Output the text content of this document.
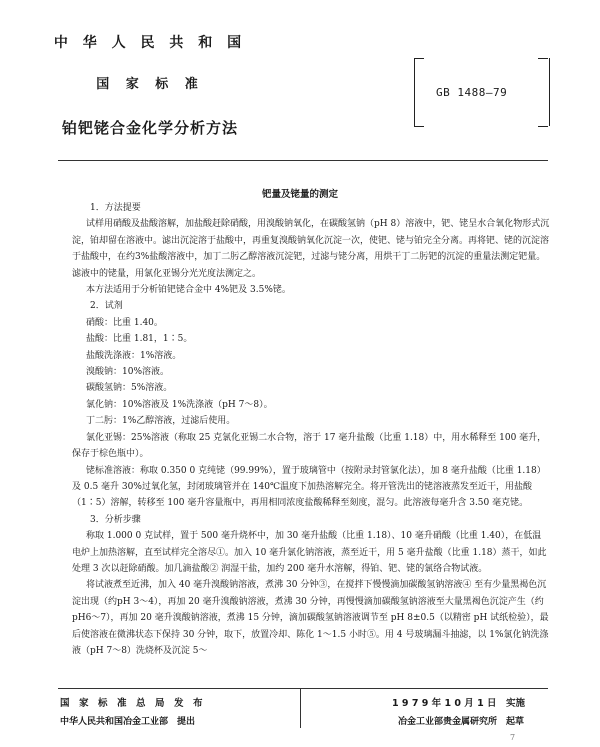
中 华 人 民 共 和 国
国 家 标 准
铂钯铑合金化学分析方法
GB 1488—79
钯量及铑量的测定

1．方法提要

试样用硝酸及盐酸溶解，加盐酸赶除硝酸，用溴酸钠氧化，在碳酸氢钠（pH 8）溶液中，钯、铑呈水合氧化物形式沉淀，铂却留在溶液中。滤出沉淀溶于盐酸中，再重复溴酸钠氧化沉淀一次，使钯、铑与铂完全分离。再将钯、铑的沉淀溶于盐酸中，在约3%盐酸溶液中，加丁二肟乙醇溶液沉淀钯，过滤与铑分离，用烘干丁二肟钯的沉淀的重量法测定钯量。滤液中的铑量，用氯化亚锡分光光度法测定之。

本方法适用于分析铂钯铑合金中 4%钯及 3.5%铑。

2．试剂

硝酸：比重 1.40。

盐酸：比重 1.81，1∶5。

盐酸洗涤液：1%溶液。

溴酸钠：10%溶液。

碳酸氢钠：5%溶液。

氯化钠：10%溶液及 1%洗涤液（pH 7～8）。

丁二肟：1%乙醇溶液，过滤后使用。

氯化亚锡：25%溶液（称取 25 克氯化亚锡二水合物，溶于 17 毫升盐酸（比重 1.18）中，用水稀释至 100 毫升，保存于棕色瓶中）。

铑标准溶液：称取 0.350 0 克纯铑（99.99%），置于玻璃管中（按附录封管氯化法），加 8 毫升盐酸（比重 1.18）及 0.5 毫升 30%过氧化氢，封闭玻璃管并在 140℃温度下加热溶解完全。将开管洗出的铑溶液蒸发至近干，用盐酸（1∶5）溶解，转移至 100 毫升容量瓶中，再用相同浓度盐酸稀释至刻度，混匀。此溶液每毫升含 3.50 毫克铑。

3．分析步骤

称取 1.000 0 克试样，置于 500 毫升烧杯中，加 30 毫升盐酸（比重 1.18）、10 毫升硝酸（比重 1.40），在低温电炉上加热溶解，直至试样完全溶尽①。加入 10 毫升氯化钠溶液，蒸至近干，用 5 毫升盐酸（比重 1.18）蒸干，如此处理 3 次以赶除硝酸。加几滴盐酸② 润湿干盐，加约 200 毫升水溶解，得铂、钯、铑的氯络合物试液。

将试液煮至近沸，加入 40 毫升溴酸钠溶液，煮沸 30 分钟③，在搅拌下慢慢滴加碳酸氢钠溶液④ 至有少量黑褐色沉淀出现（约pH 3～4），再加 20 毫升溴酸钠溶液，煮沸 30 分钟，再慢慢滴加碳酸氢钠溶液至大量黑褐色沉淀产生（约pH6～7），再加 20 毫升溴酸钠溶液，煮沸 15 分钟，滴加碳酸氢钠溶液调节至 pH 8±0.5（以精密 pH 试纸检验），最后使溶液在微沸状态下保持 30 分钟，取下，放置冷却、陈化 1～1.5 小时⑤。用 4 号玻璃漏斗抽滤，以 1%氯化钠洗涤液（pH 7～8）洗烧杯及沉淀 5～

国　家　标　准　总　局　发　布	1 9 7 9 年 1 0 月 1 日　实施
中华人民共和国冶金工业部　提出	冶金工业部贵金属研究所　起草
7
